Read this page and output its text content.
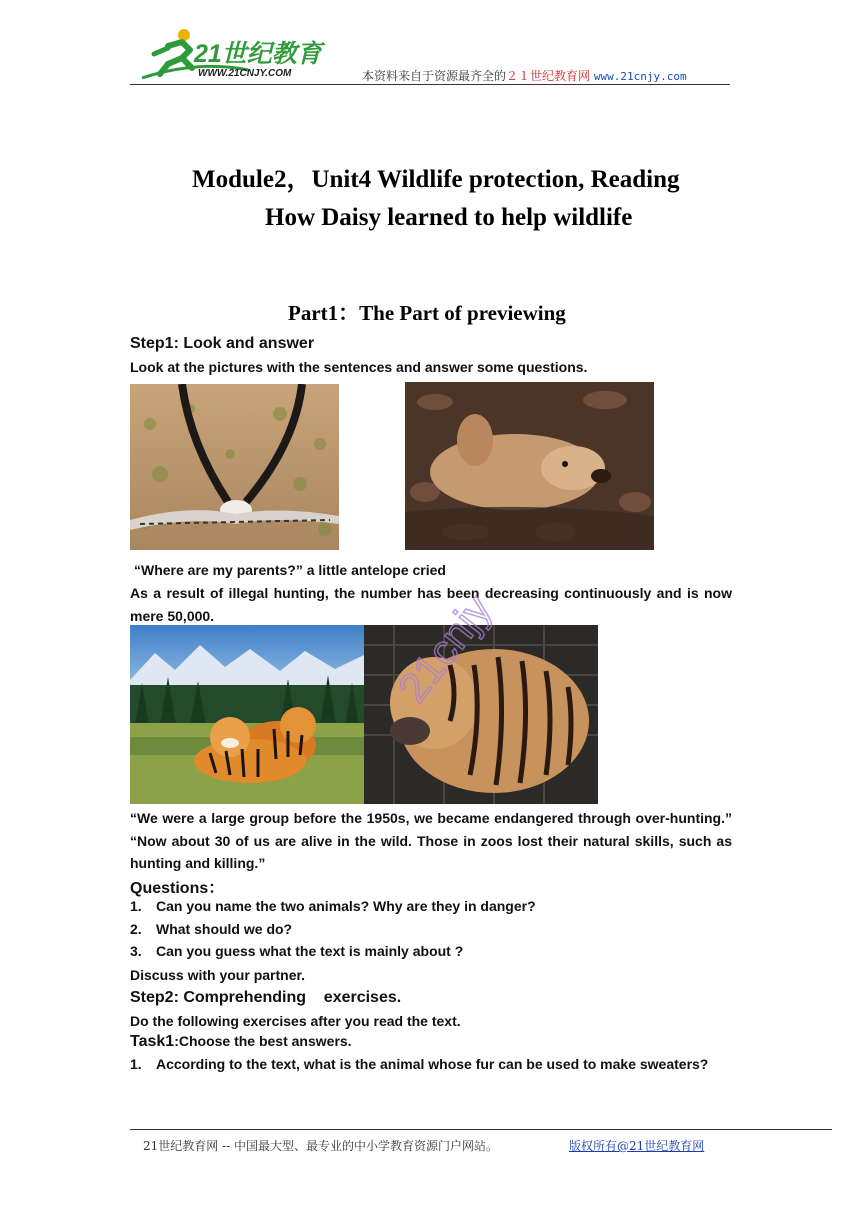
21世纪教育
WWW.21CNJY.COM	本资料来自于资源最齐全的２１世纪教育网 www.21cnjy.com
Module2，Unit4 Wildlife protection, Reading
How Daisy learned to help wildlife
Part1：The Part of previewing
Step1: Look and answer
Look at the pictures with the sentences and answer some questions.
“Where are my parents?” a little antelope cried
As a result of illegal hunting, the number has been decreasing continuously and is now mere 50,000.
“We were a large group before the 1950s, we became endangered through over-hunting.” “Now about 30 of us are alive in the wild. Those in zoos lost their natural skills, such as hunting and killing.”
Questions：
1.	Can you name the two animals? Why are they in danger?
2.	What should we do?
3.	Can you guess what the text is mainly about ?
Discuss with your partner.
Step2: Comprehending    exercises.
Do the following exercises after you read the text.
Task1:Choose the best answers.
1.	According to the text, what is the animal whose fur can be used to make sweaters?
21cnjy
21世纪教育网 -- 中国最大型、最专业的中小学教育资源门户网站。	版权所有@21世纪教育网
